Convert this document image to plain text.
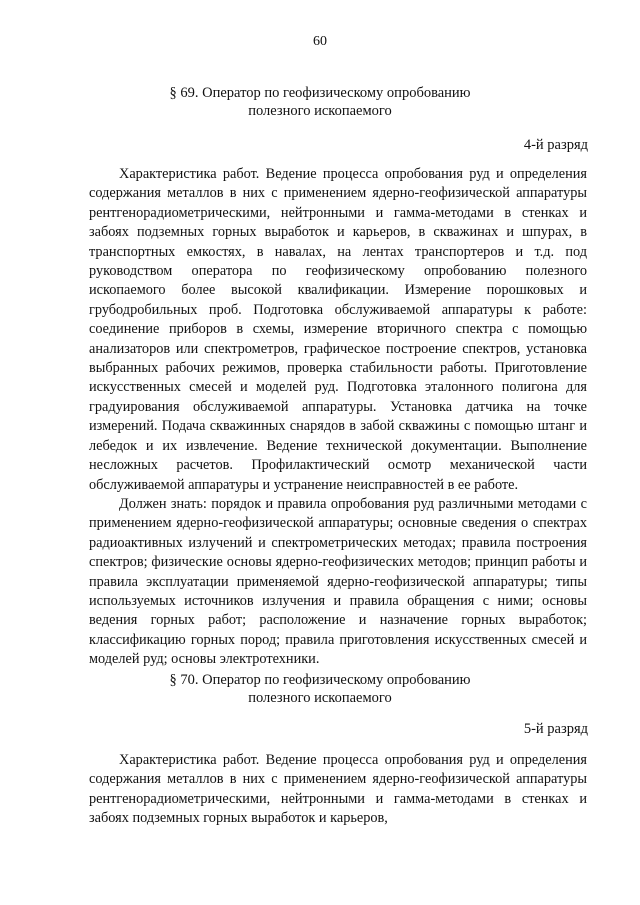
60
§ 69. Оператор по геофизическому опробованию
полезного ископаемого
4-й разряд

Характеристика работ. Ведение процесса опробования руд и определения содержания металлов в них с применением ядерно-геофизической аппаратуры рентгенорадиометрическими, нейтронными и гамма-методами в стенках и забоях подземных горных выработок и карьеров, в скважинах и шпурах, в транспортных емкостях, в навалах, на лентах транспортеров и т.д. под руководством оператора по геофизическому опробованию полезного ископаемого более высокой квалификации. Измерение порошковых и грубодробильных проб. Подготовка обслуживаемой аппаратуры к работе: соединение приборов в схемы, измерение вторичного спектра с помощью анализаторов или спектрометров, графическое построение спектров, установка выбранных рабочих режимов, проверка стабильности работы. Приготовление искусственных смесей и моделей руд. Подготовка эталонного полигона для градуирования обслуживаемой аппаратуры. Установка датчика на точке измерений. Подача скважинных снарядов в забой скважины с помощью штанг и лебедок и их извлечение. Ведение технической документации. Выполнение несложных расчетов. Профилактический осмотр механической части обслуживаемой аппаратуры и устранение неисправностей в ее работе.

Должен знать: порядок и правила опробования руд различными методами с применением ядерно-геофизической аппаратуры; основные сведения о спектрах радиоактивных излучений и спектрометрических методах; правила построения спектров; физические основы ядерно-геофизических методов; принцип работы и правила эксплуатации применяемой ядерно-геофизической аппаратуры; типы используемых источников излучения и правила обращения с ними; основы ведения горных работ; расположение и назначение горных выработок; классификацию горных пород; правила приготовления искусственных смесей и моделей руд; основы электротехники.

§ 70. Оператор по геофизическому опробованию
полезного ископаемого
5-й разряд

Характеристика работ. Ведение процесса опробования руд и определения содержания металлов в них с применением ядерно-геофизической аппаратуры рентгенорадиометрическими, нейтронными и гамма-методами в стенках и забоях подземных горных выработок и карьеров,
